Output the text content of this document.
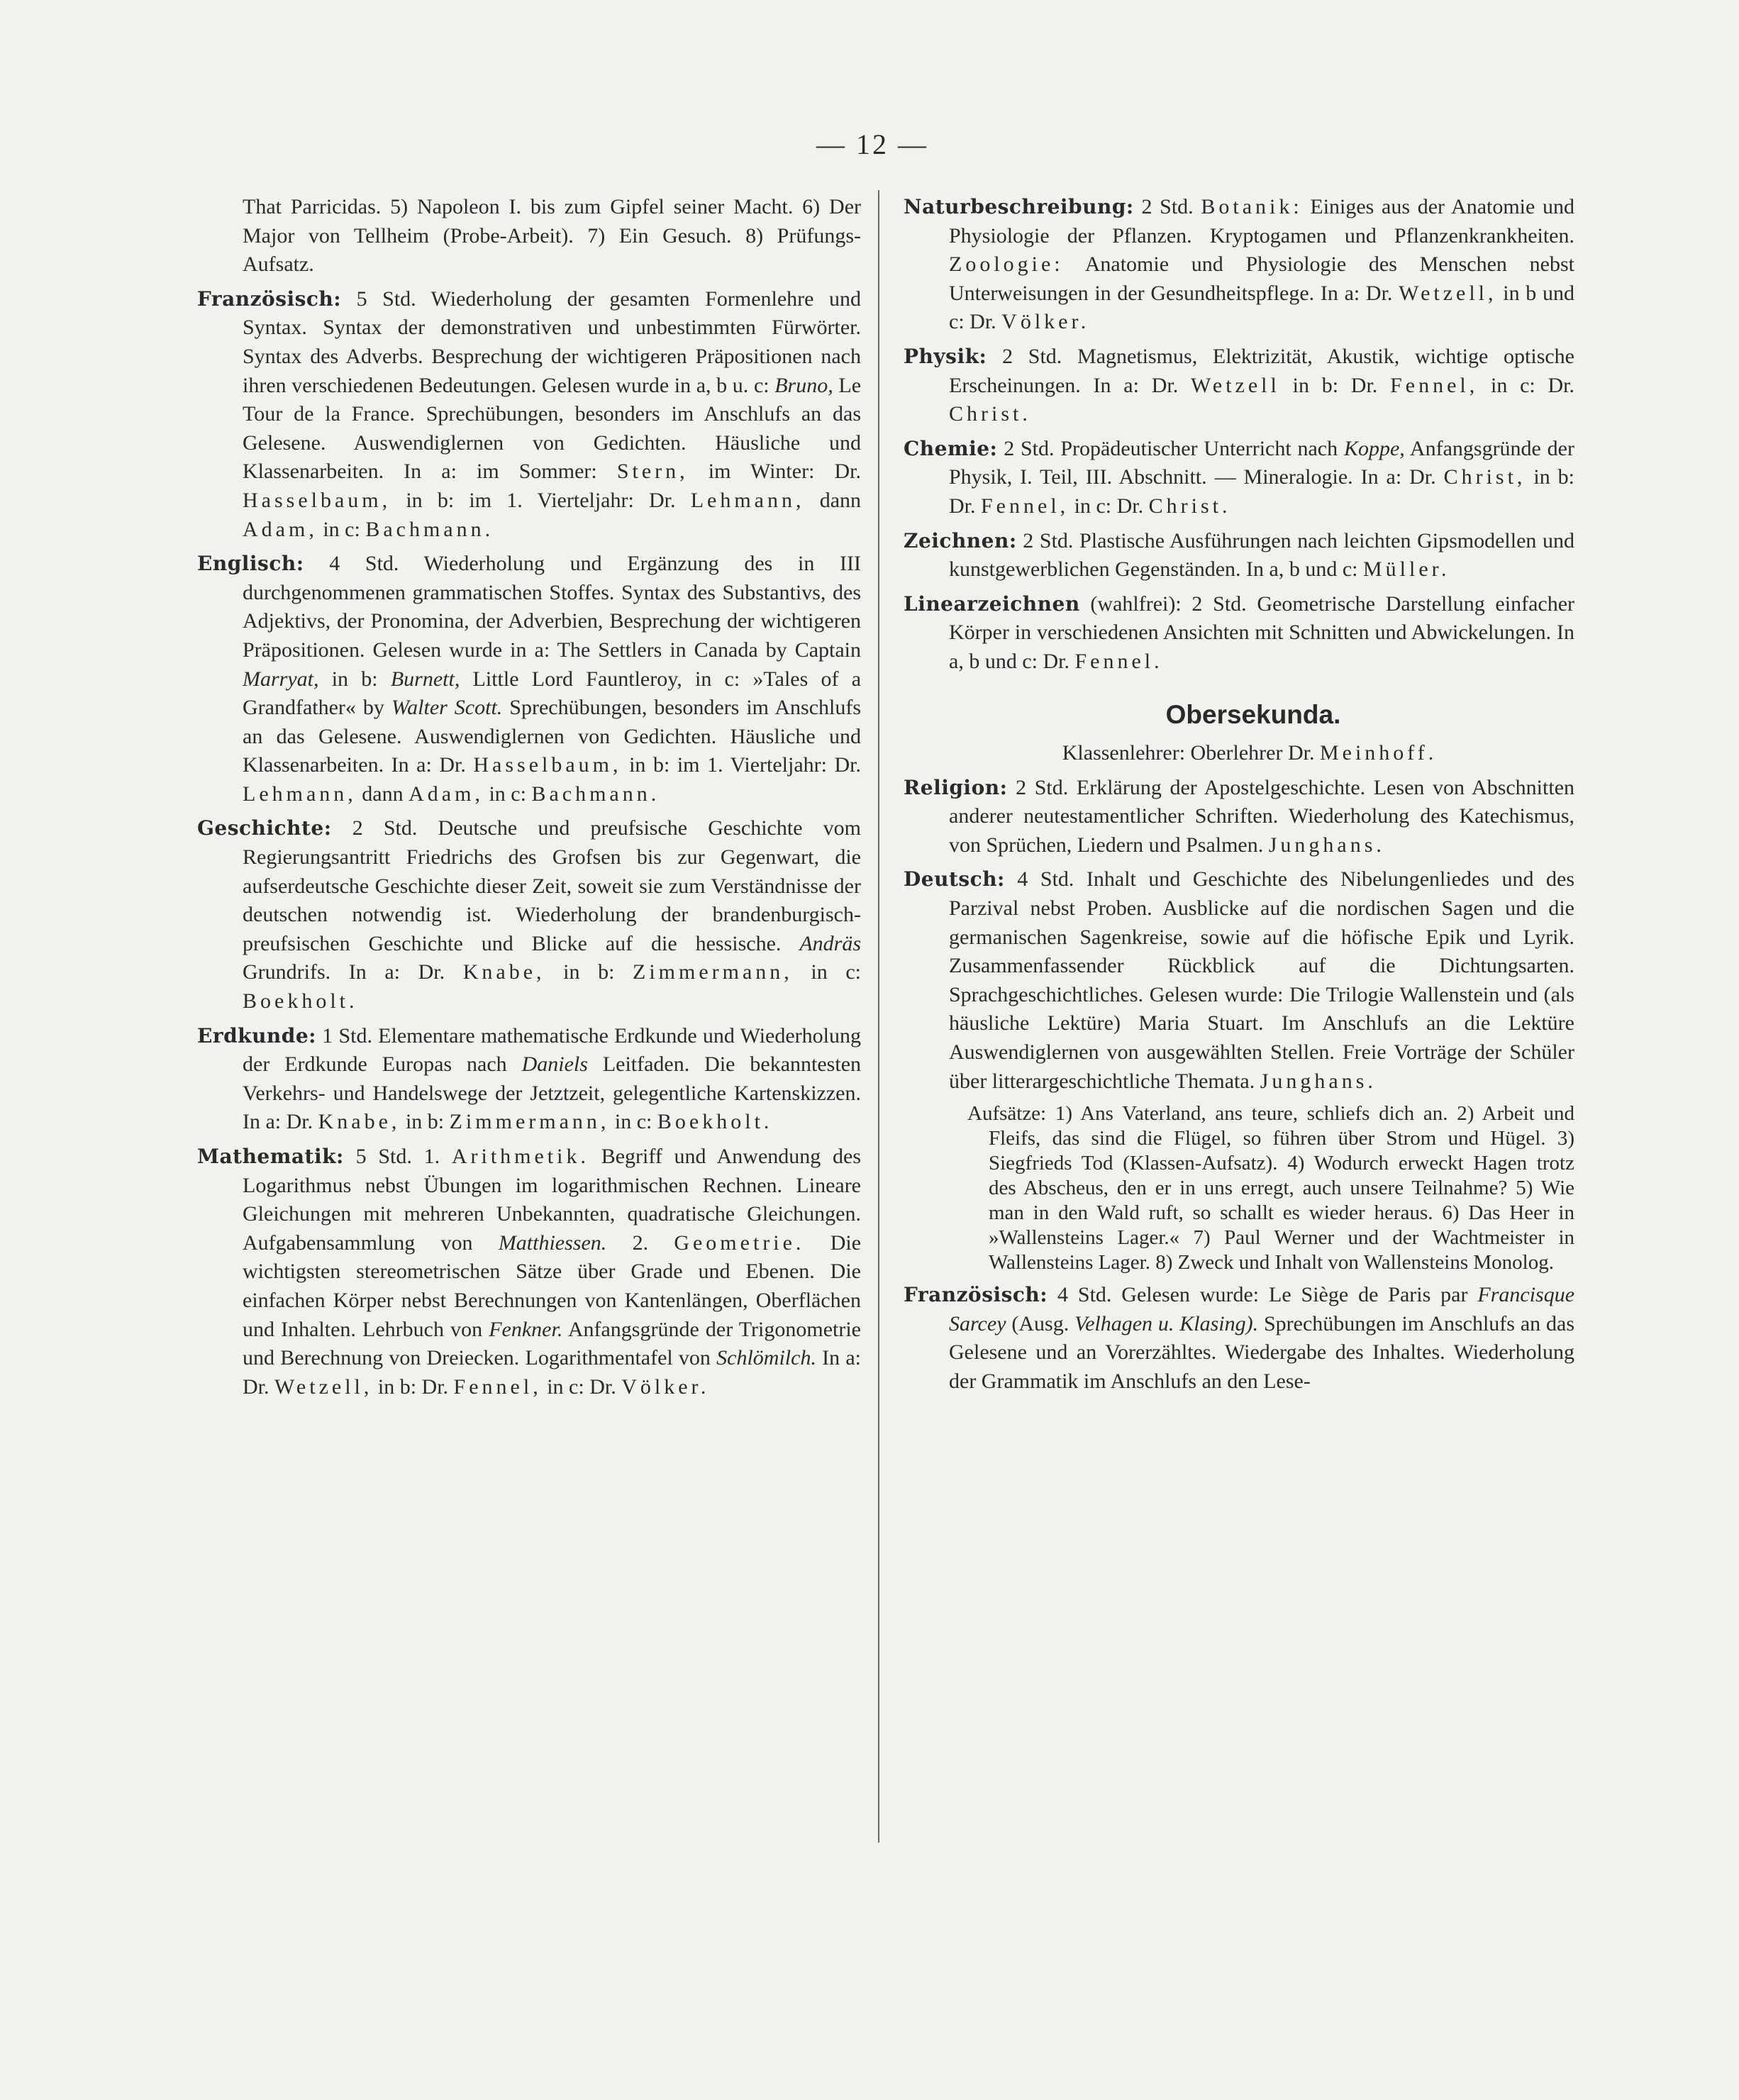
— 12 —

That Parricidas. 5) Napoleon I. bis zum Gipfel seiner Macht. 6) Der Major von Tellheim (Probe-Arbeit). 7) Ein Gesuch. 8) Prüfungs-Aufsatz.

Französisch: 5 Std. Wiederholung der gesamten Formenlehre und Syntax. Syntax der demonstrativen und unbestimmten Fürwörter. Syntax des Adverbs. Besprechung der wichtigeren Präpositionen nach ihren verschiedenen Bedeutungen. Gelesen wurde in a, b u. c: Bruno, Le Tour de la France. Sprechübungen, besonders im Anschlufs an das Gelesene. Auswendiglernen von Gedichten. Häusliche und Klassenarbeiten. In a: im Sommer: Stern, im Winter: Dr. Hasselbaum, in b: im 1. Vierteljahr: Dr. Lehmann, dann Adam, in c: Bachmann.

Englisch: 4 Std. Wiederholung und Ergänzung des in III durchgenommenen grammatischen Stoffes. Syntax des Substantivs, des Adjektivs, der Pronomina, der Adverbien, Besprechung der wichtigeren Präpositionen. Gelesen wurde in a: The Settlers in Canada by Captain Marryat, in b: Burnett, Little Lord Fauntleroy, in c: »Tales of a Grandfather« by Walter Scott. Sprechübungen, besonders im Anschlufs an das Gelesene. Auswendiglernen von Gedichten. Häusliche und Klassenarbeiten. In a: Dr. Hasselbaum, in b: im 1. Vierteljahr: Dr. Lehmann, dann Adam, in c: Bachmann.

Geschichte: 2 Std. Deutsche und preufsische Geschichte vom Regierungsantritt Friedrichs des Grofsen bis zur Gegenwart, die aufserdeutsche Geschichte dieser Zeit, soweit sie zum Verständnisse der deutschen notwendig ist. Wiederholung der brandenburgisch-preufsischen Geschichte und Blicke auf die hessische. Andräs Grundrifs. In a: Dr. Knabe, in b: Zimmermann, in c: Boekholt.

Erdkunde: 1 Std. Elementare mathematische Erdkunde und Wiederholung der Erdkunde Europas nach Daniels Leitfaden. Die bekanntesten Verkehrs- und Handelswege der Jetztzeit, gelegentliche Kartenskizzen. In a: Dr. Knabe, in b: Zimmermann, in c: Boekholt.

Mathematik: 5 Std. 1. Arithmetik. Begriff und Anwendung des Logarithmus nebst Übungen im logarithmischen Rechnen. Lineare Gleichungen mit mehreren Unbekannten, quadratische Gleichungen. Aufgabensammlung von Matthiessen. 2. Geometrie. Die wichtigsten stereometrischen Sätze über Grade und Ebenen. Die einfachen Körper nebst Berechnungen von Kantenlängen, Oberflächen und Inhalten. Lehrbuch von Fenkner. Anfangsgründe der Trigonometrie und Berechnung von Dreiecken. Logarithmentafel von Schlömilch. In a: Dr. Wetzell, in b: Dr. Fennel, in c: Dr. Völker.

Naturbeschreibung: 2 Std. Botanik: Einiges aus der Anatomie und Physiologie der Pflanzen. Kryptogamen und Pflanzenkrankheiten. Zoologie: Anatomie und Physiologie des Menschen nebst Unterweisungen in der Gesundheitspflege. In a: Dr. Wetzell, in b und c: Dr. Völker.

Physik: 2 Std. Magnetismus, Elektrizität, Akustik, wichtige optische Erscheinungen. In a: Dr. Wetzell in b: Dr. Fennel, in c: Dr. Christ.

Chemie: 2 Std. Propädeutischer Unterricht nach Koppe, Anfangsgründe der Physik, I. Teil, III. Abschnitt. — Mineralogie. In a: Dr. Christ, in b: Dr. Fennel, in c: Dr. Christ.

Zeichnen: 2 Std. Plastische Ausführungen nach leichten Gipsmodellen und kunstgewerblichen Gegenständen. In a, b und c: Müller.

Linearzeichnen (wahlfrei): 2 Std. Geometrische Darstellung einfacher Körper in verschiedenen Ansichten mit Schnitten und Abwickelungen. In a, b und c: Dr. Fennel.

Obersekunda.

Klassenlehrer: Oberlehrer Dr. Meinhoff.

Religion: 2 Std. Erklärung der Apostelgeschichte. Lesen von Abschnitten anderer neutestamentlicher Schriften. Wiederholung des Katechismus, von Sprüchen, Liedern und Psalmen. Junghans.

Deutsch: 4 Std. Inhalt und Geschichte des Nibelungenliedes und des Parzival nebst Proben. Ausblicke auf die nordischen Sagen und die germanischen Sagenkreise, sowie auf die höfische Epik und Lyrik. Zusammenfassender Rückblick auf die Dichtungsarten. Sprachgeschichtliches. Gelesen wurde: Die Trilogie Wallenstein und (als häusliche Lektüre) Maria Stuart. Im Anschlufs an die Lektüre Auswendiglernen von ausgewählten Stellen. Freie Vorträge der Schüler über litterargeschichtliche Themata. Junghans.

Aufsätze: 1) Ans Vaterland, ans teure, schliefs dich an. 2) Arbeit und Fleifs, das sind die Flügel, so führen über Strom und Hügel. 3) Siegfrieds Tod (Klassen-Aufsatz). 4) Wodurch erweckt Hagen trotz des Abscheus, den er in uns erregt, auch unsere Teilnahme? 5) Wie man in den Wald ruft, so schallt es wieder heraus. 6) Das Heer in »Wallensteins Lager.« 7) Paul Werner und der Wachtmeister in Wallensteins Lager. 8) Zweck und Inhalt von Wallensteins Monolog.

Französisch: 4 Std. Gelesen wurde: Le Siège de Paris par Francisque Sarcey (Ausg. Velhagen u. Klasing). Sprechübungen im Anschlufs an das Gelesene und an Vorerzähltes. Wiedergabe des Inhaltes. Wiederholung der Grammatik im Anschlufs an den Lese-
